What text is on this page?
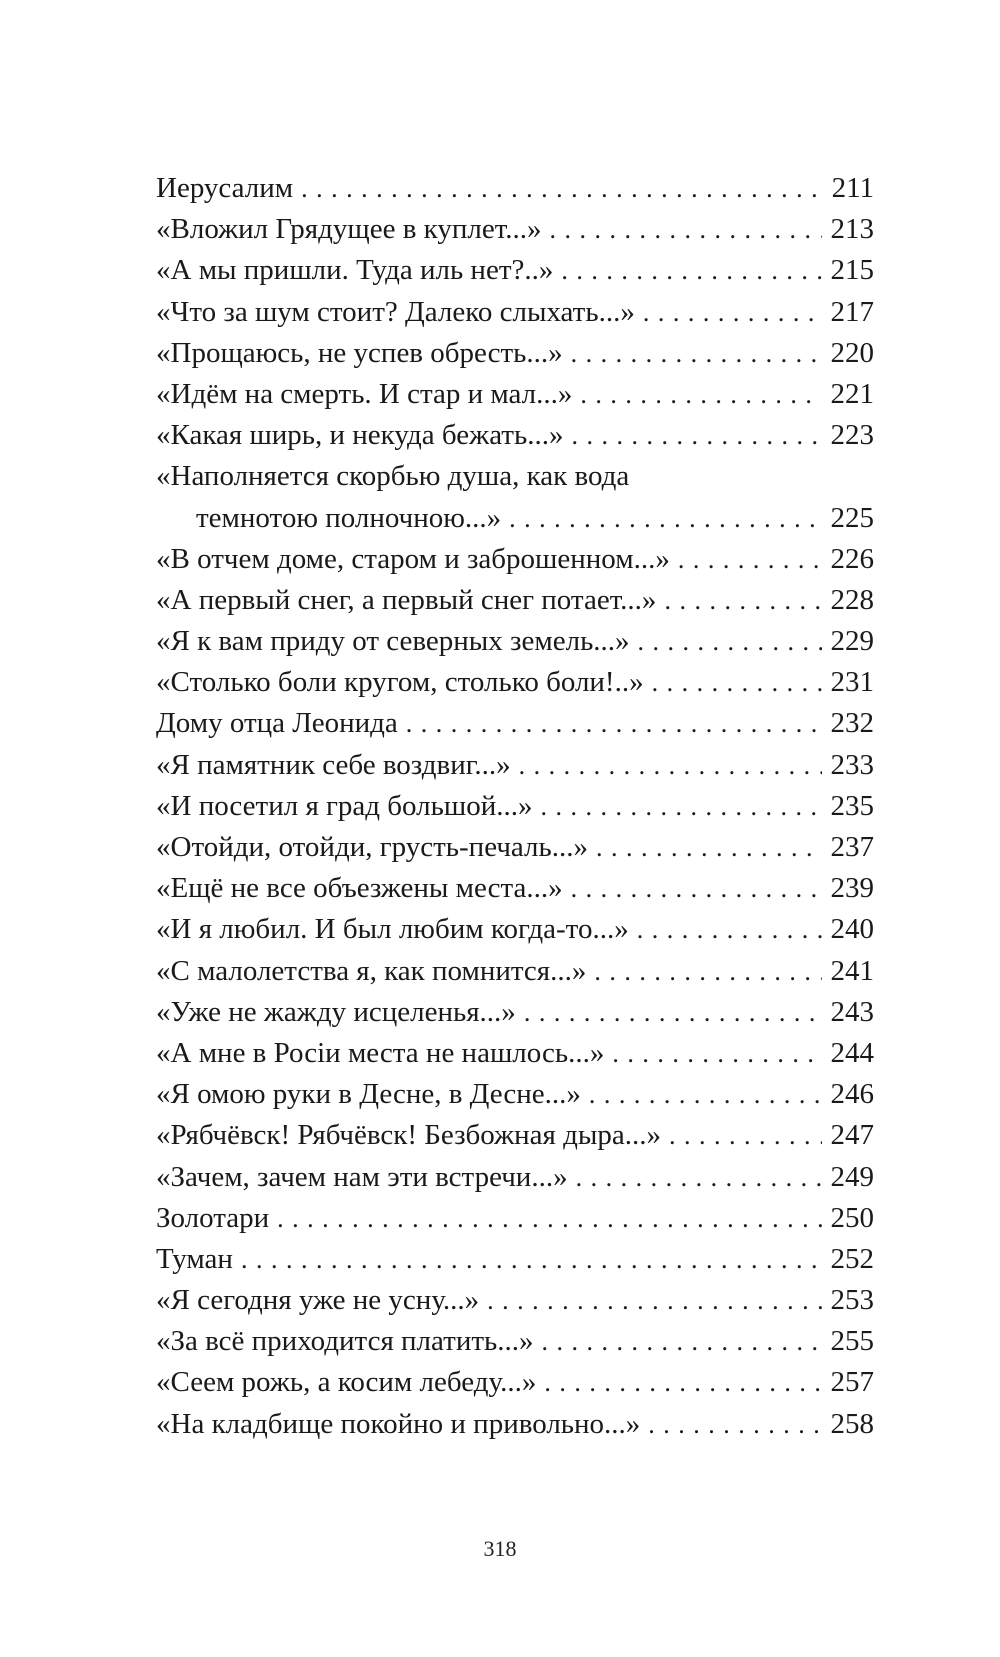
Иерусалим . . .	211
«Вложил Грядущее в куплет...» . . .	213
«А мы пришли. Туда иль нет?..» . . .	215
«Что за шум стоит? Далеко слыхать...» . . .	217
«Прощаюсь, не успев обресть...» . . .	220
«Идём на смерть. И стар и мал...» . . .	221
«Какая ширь, и некуда бежать...» . . .	223
«Наполняется скорбью душа, как вода
темнотою полночною...» . . .	225
«В отчем доме, старом и заброшенном...» . . .	226
«А первый снег, а первый снег потает...» . . .	228
«Я к вам приду от северных земель...» . . .	229
«Столько боли кругом, столько боли!..» . . .	231
Дому отца Леонида . . .	232
«Я памятник себе воздвиг...» . . .	233
«И посетил я град большой...» . . .	235
«Отойди, отойди, грусть-печаль...» . . .	237
«Ещё не все объезжены места...» . . .	239
«И я любил. И был любим когда-то...» . . .	240
«С малолетства я, как помнится...» . . .	241
«Уже не жажду исцеленья...» . . .	243
«А мне в Росіи места не нашлось...» . . .	244
«Я омою руки в Десне, в Десне...» . . .	246
«Рябчёвск! Рябчёвск! Безбожная дыра...» . . .	247
«Зачем, зачем нам эти встречи...» . . .	249
Золотари . . .	250
Туман . . .	252
«Я сегодня уже не усну...» . . .	253
«За всё приходится платить...» . . .	255
«Сеем рожь, а косим лебеду...» . . .	257
«На кладбище покойно и привольно...» . . .	258
318
